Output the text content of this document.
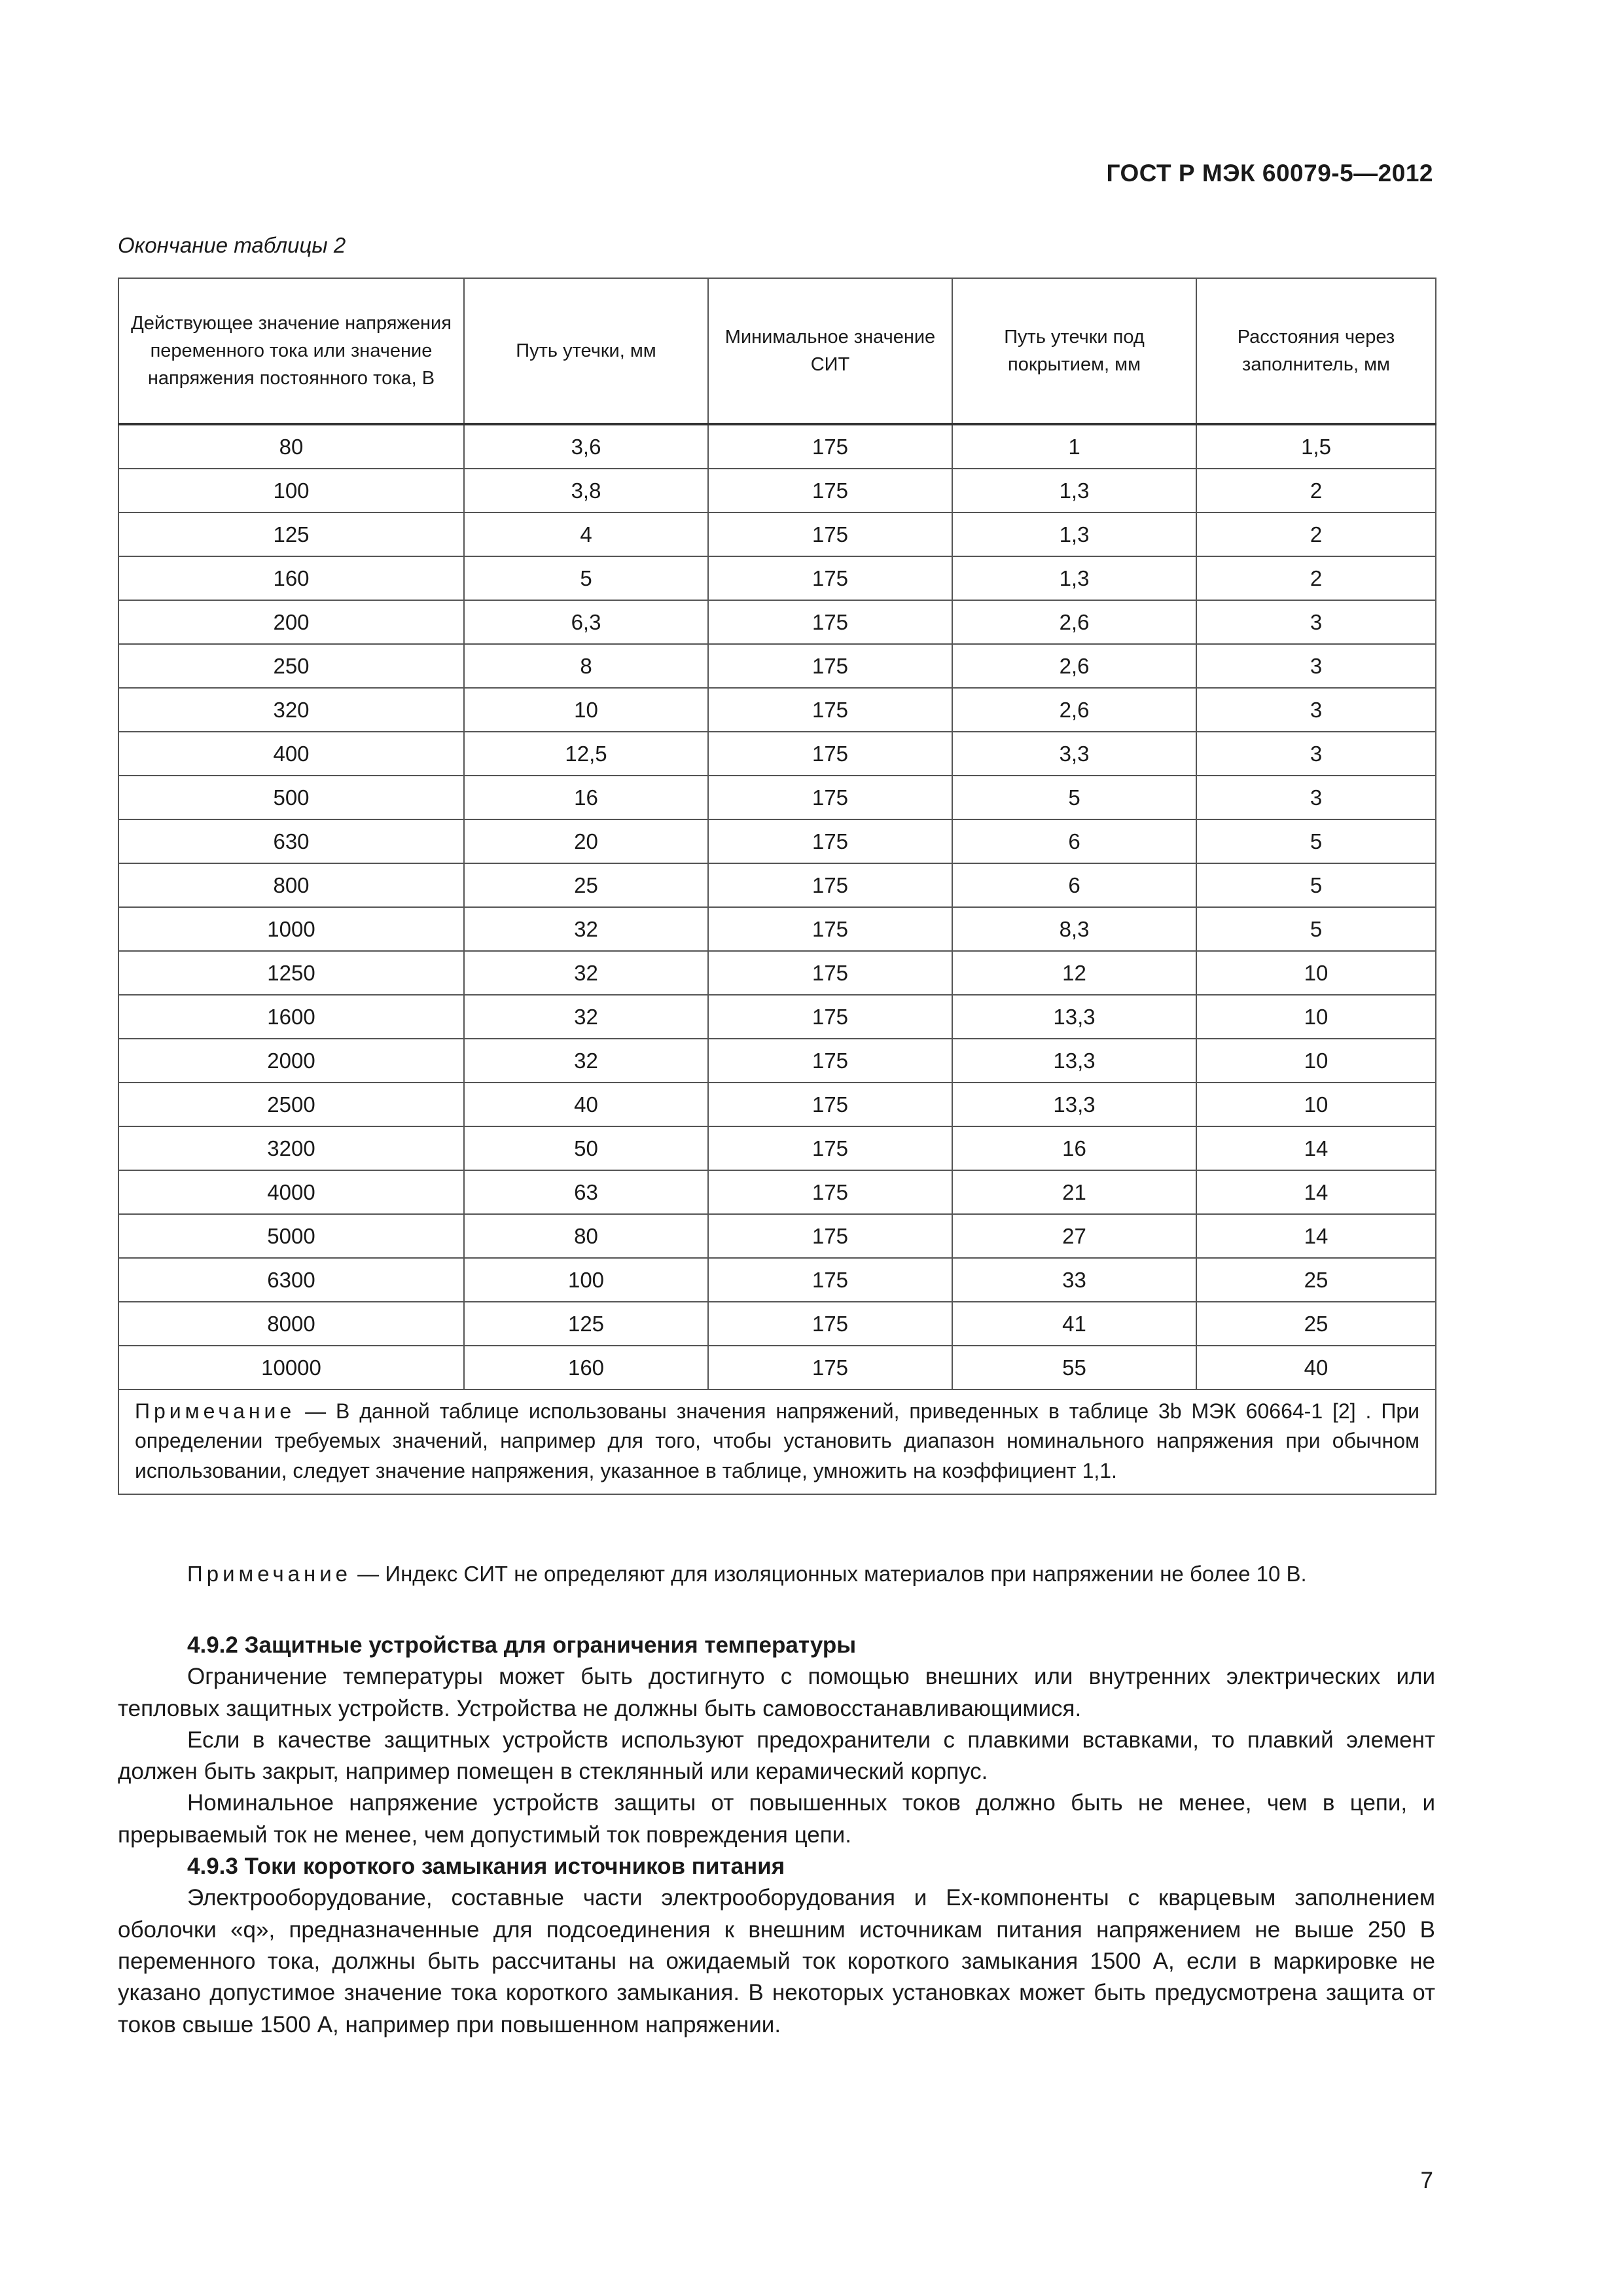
ГОСТ Р МЭК 60079-5—2012
Окончание таблицы 2
Действующее значение напряжения переменного тока или значение напряжения постоянного тока, В	Путь утечки, мм	Минимальное значение СИТ	Путь утечки под покрытием, мм	Расстояния через заполнитель, мм
80	3,6	175	1	1,5
100	3,8	175	1,3	2
125	4	175	1,3	2
160	5	175	1,3	2
200	6,3	175	2,6	3
250	8	175	2,6	3
320	10	175	2,6	3
400	12,5	175	3,3	3
500	16	175	5	3
630	20	175	6	5
800	25	175	6	5
1000	32	175	8,3	5
1250	32	175	12	10
1600	32	175	13,3	10
2000	32	175	13,3	10
2500	40	175	13,3	10
3200	50	175	16	14
4000	63	175	21	14
5000	80	175	27	14
6300	100	175	33	25
8000	125	175	41	25
10000	160	175	55	40
Примечание — В данной таблице использованы значения напряжений, приведенных в таблице 3b МЭК 60664-1 [2] . При определении требуемых значений, например для того, чтобы установить диапазон номинального напряжения при обычном использовании, следует значение напряжения, указанное в таблице, умножить на коэффициент 1,1.				

Примечание — Индекс СИТ не определяют для изоляционных материалов при напряжении не более 10 В.

4.9.2 Защитные устройства для ограничения температуры

Ограничение температуры может быть достигнуто с помощью внешних или внутренних электрических или тепловых защитных устройств. Устройства не должны быть самовосстанавливающимися.

Если в качестве защитных устройств используют предохранители с плавкими вставками, то плавкий элемент должен быть закрыт, например помещен в стеклянный или керамический корпус.

Номинальное напряжение устройств защиты от повышенных токов должно быть не менее, чем в цепи, и прерываемый ток не менее, чем допустимый ток повреждения цепи.

4.9.3 Токи короткого замыкания источников питания

Электрооборудование, составные части электрооборудования и Ex-компоненты с кварцевым заполнением оболочки «q», предназначенные для подсоединения к внешним источникам питания напряжением не выше 250 В переменного тока, должны быть рассчитаны на ожидаемый ток короткого замыкания 1500 А, если в маркировке не указано допустимое значение тока короткого замыкания. В некоторых установках может быть предусмотрена защита от токов свыше 1500 А, например при повышенном напряжении.

7
